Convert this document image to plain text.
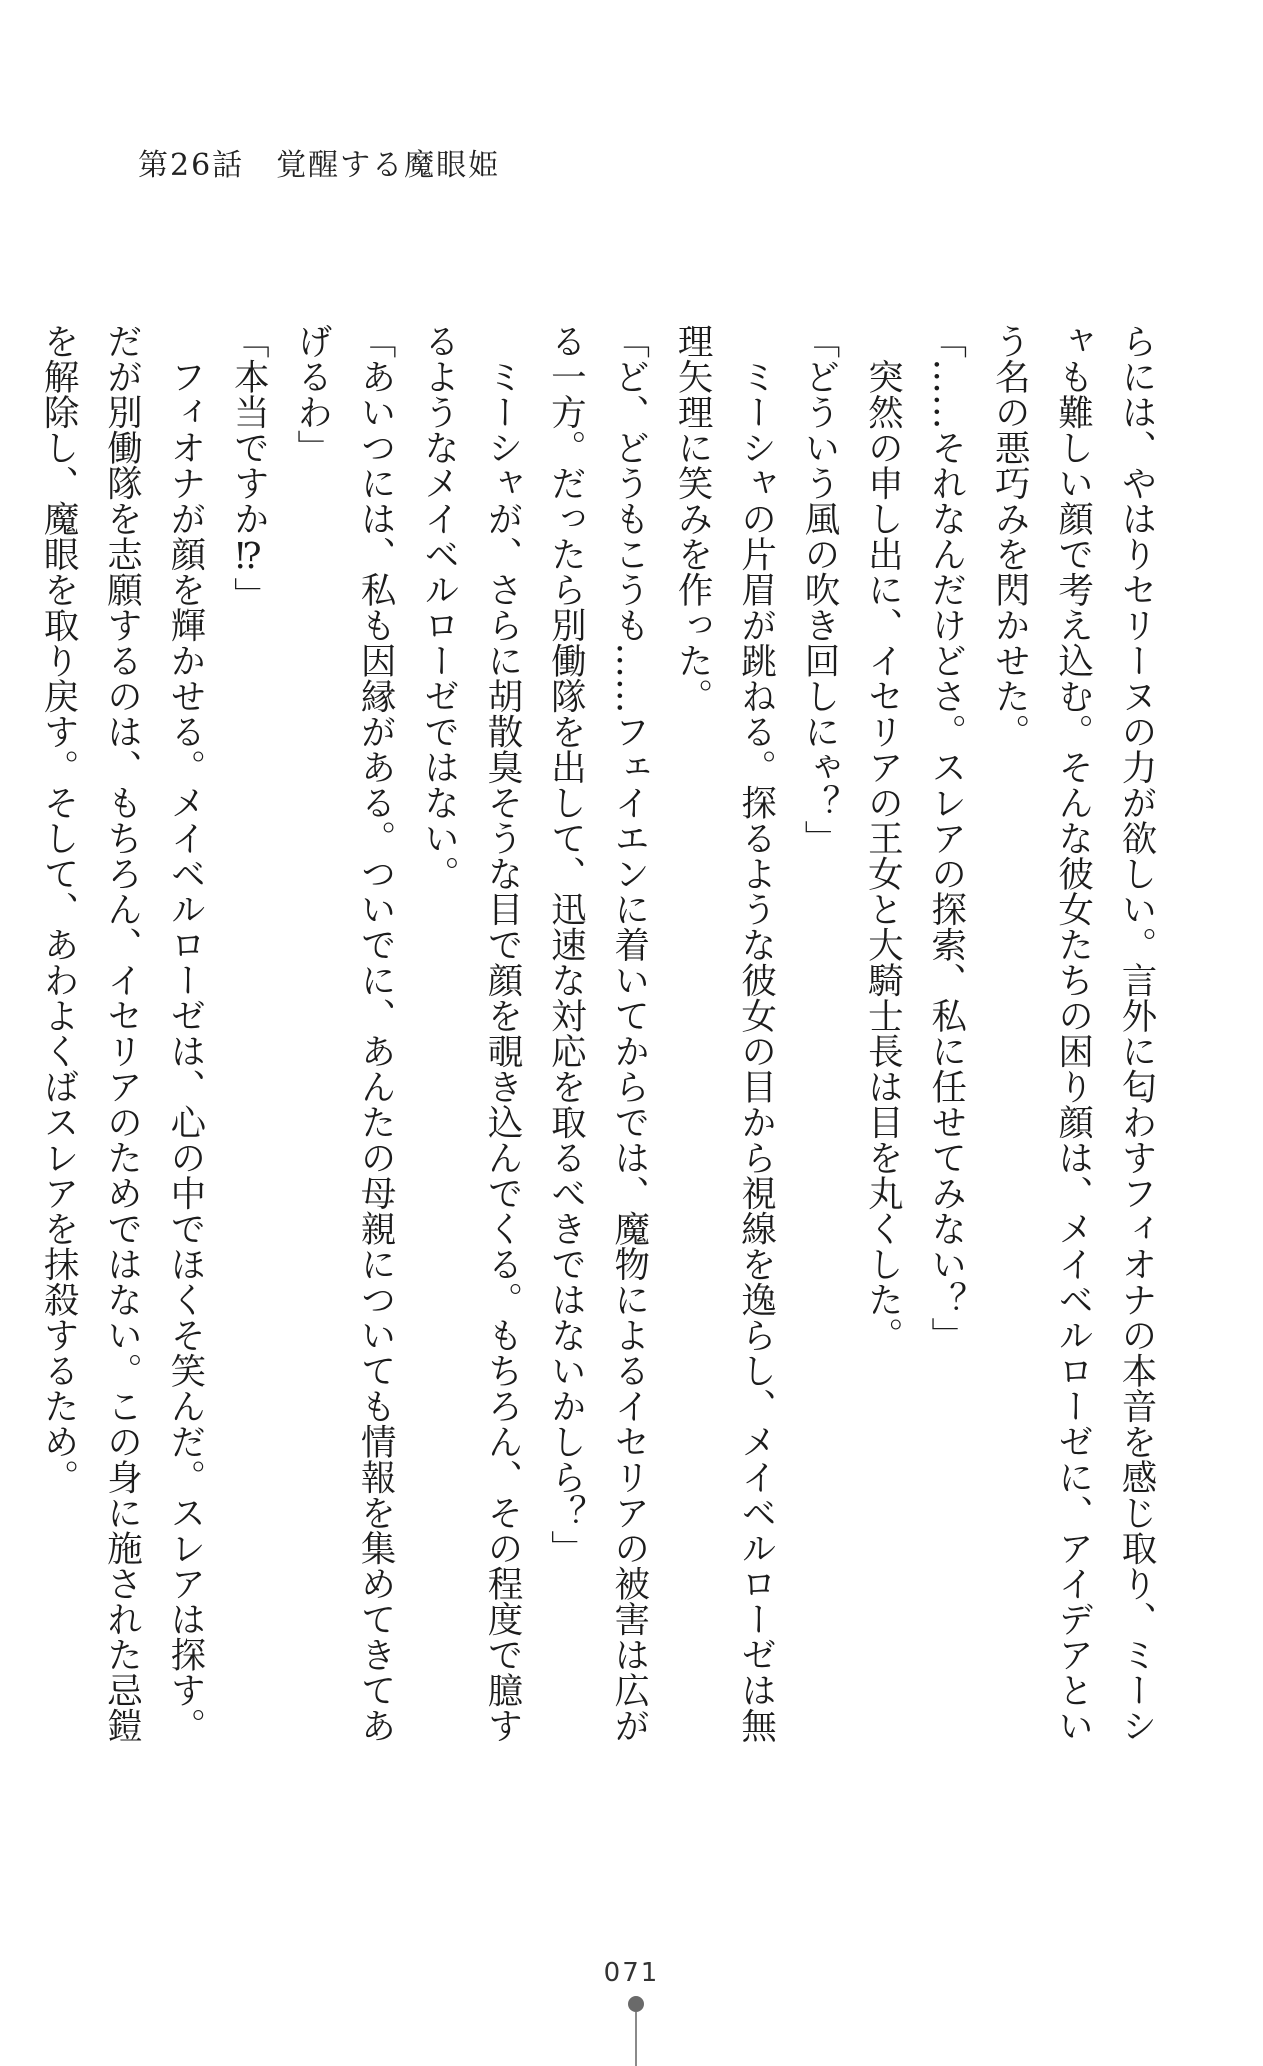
第26話　覚醒する魔眼姫
らには、やはりセリーヌの力が欲しい。言外に匂わすフィオナの本音を感じ取り、ミーシ
ャも難しい顔で考え込む。そんな彼女たちの困り顔は、メイベルローゼに、アイデアとい
う名の悪巧みを閃かせた。
「……それなんだけどさ。スレアの探索、私に任せてみない？」
　突然の申し出に、イセリアの王女と大騎士長は目を丸くした。
「どういう風の吹き回しにゃ？」
　ミーシャの片眉が跳ねる。探るような彼女の目から視線を逸らし、メイベルローゼは無
理矢理に笑みを作った。
「ど、どうもこうも……フェイエンに着いてからでは、魔物によるイセリアの被害は広が
る一方。だったら別働隊を出して、迅速な対応を取るべきではないかしら？」
　ミーシャが、さらに胡散臭そうな目で顔を覗き込んでくる。もちろん、その程度で臆す
るようなメイベルローゼではない。
「あいつには、私も因縁がある。ついでに、あんたの母親についても情報を集めてきてあ
げるわ」
「本当ですか⁉」
　フィオナが顔を輝かせる。メイベルローゼは、心の中でほくそ笑んだ。スレアは探す。
だが別働隊を志願するのは、もちろん、イセリアのためではない。この身に施された忌鎧
を解除し、魔眼を取り戻す。そして、あわよくばスレアを抹殺するため。
071
